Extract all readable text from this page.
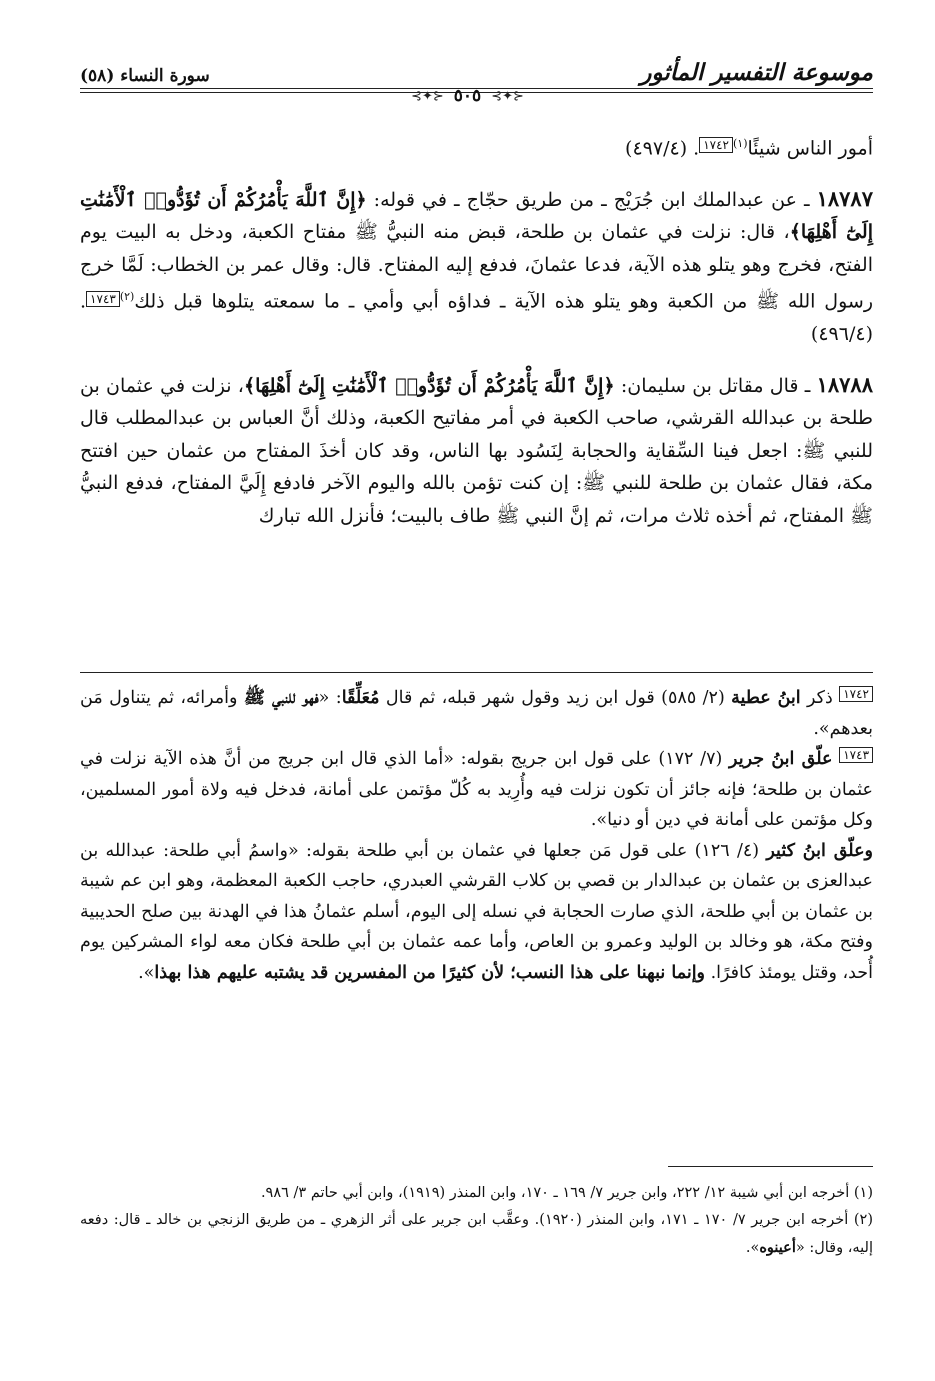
سورة النساء (٥٨)	موسوعة التفسير المأثور
⊰✦⊱ ٥٠٥ ⊰✦⊱

أمور الناس شيئًا$^{(١)}$١٧٤٢. (٤٩٧/٤)

١٨٧٨٧ ـ عن عبدالملك ابن جُرَيْج ـ من طريق حجّاج ـ في قوله: ﴿إِنَّ ٱللَّهَ يَأْمُرُكُمْ أَن تُؤَدُّوا۟ ٱلْأَمَٰنَٰتِ إِلَىٰٓ أَهْلِهَا﴾، قال: نزلت في عثمان بن طلحة، قبض منه النبيُّ ﷺ مفتاح الكعبة، ودخل به البيت يوم الفتح، فخرج وهو يتلو هذه الآية، فدعا عثمانَ، فدفع إليه المفتاح. قال: وقال عمر بن الخطاب: لَمَّا خرج رسول الله ﷺ من الكعبة وهو يتلو هذه الآية ـ فداؤه أبي وأمي ـ ما سمعته يتلوها قبل ذلك$^{(٢)}$١٧٤٣. (٤٩٦/٤)

١٨٧٨٨ ـ قال مقاتل بن سليمان: ﴿إِنَّ ٱللَّهَ يَأْمُرُكُمْ أَن تُؤَدُّوا۟ ٱلْأَمَٰنَٰتِ إِلَىٰٓ أَهْلِهَا﴾، نزلت في عثمان بن طلحة بن عبدالله القرشي، صاحب الكعبة في أمر مفاتيح الكعبة، وذلك أنَّ العباس بن عبدالمطلب قال للنبي ﷺ: اجعل فينا السِّقاية والحجابة لِنَسُود بها الناس، وقد كان أخذَ المفتاح من عثمان حين افتتح مكة، فقال عثمان بن طلحة للنبي ﷺ: إن كنت تؤمن بالله واليوم الآخر فادفع إِلَيَّ المفتاح، فدفع النبيُّ ﷺ المفتاح، ثم أخذه ثلاث مرات، ثم إنَّ النبي ﷺ طاف بالبيت؛ فأنزل الله تبارك

١٧٤٢ ذكر ابنُ عطية (٢/ ٥٨٥) قول ابن زيد وقول شهر قبله، ثم قال مُعَلِّقًا: «فهو للنبي ﷺ وأمرائه، ثم يتناول مَن بعدهم».

١٧٤٣ علّق ابنُ جرير (٧/ ١٧٢) على قول ابن جريج بقوله: «أما الذي قال ابن جريج من أنَّ هذه الآية نزلت في عثمان بن طلحة؛ فإنه جائز أن تكون نزلت فيه وأُرِيد به كُلّ مؤتمن على أمانة، فدخل فيه ولاة أمور المسلمين، وكل مؤتمن على أمانة في دين أو دنيا».

وعلّق ابنُ كثير (٤/ ١٢٦) على قول مَن جعلها في عثمان بن أبي طلحة بقوله: «واسمُ أبي طلحة: عبدالله بن عبدالعزى بن عثمان بن عبدالدار بن قصي بن كلاب القرشي العبدري، حاجب الكعبة المعظمة، وهو ابن عم شيبة بن عثمان بن أبي طلحة، الذي صارت الحجابة في نسله إلى اليوم، أسلم عثمانُ هذا في الهدنة بين صلح الحديبية وفتح مكة، هو وخالد بن الوليد وعمرو بن العاص، وأما عمه عثمان بن أبي طلحة فكان معه لواء المشركين يوم أُحد، وقتل يومئذ كافرًا. وإنما نبهنا على هذا النسب؛ لأن كثيرًا من المفسرين قد يشتبه عليهم هذا بهذا».

(١) أخرجه ابن أبي شيبة ١٢/ ٢٢٢، وابن جرير ٧/ ١٦٩ ـ ١٧٠، وابن المنذر (١٩١٩)، وابن أبي حاتم ٣/ ٩٨٦.

(٢) أخرجه ابن جرير ٧/ ١٧٠ ـ ١٧١، وابن المنذر (١٩٢٠). وعقَّب ابن جرير على أثر الزهري ـ من طريق الزنجي بن خالد ـ قال: دفعه إليه، وقال: «أعينوه».
